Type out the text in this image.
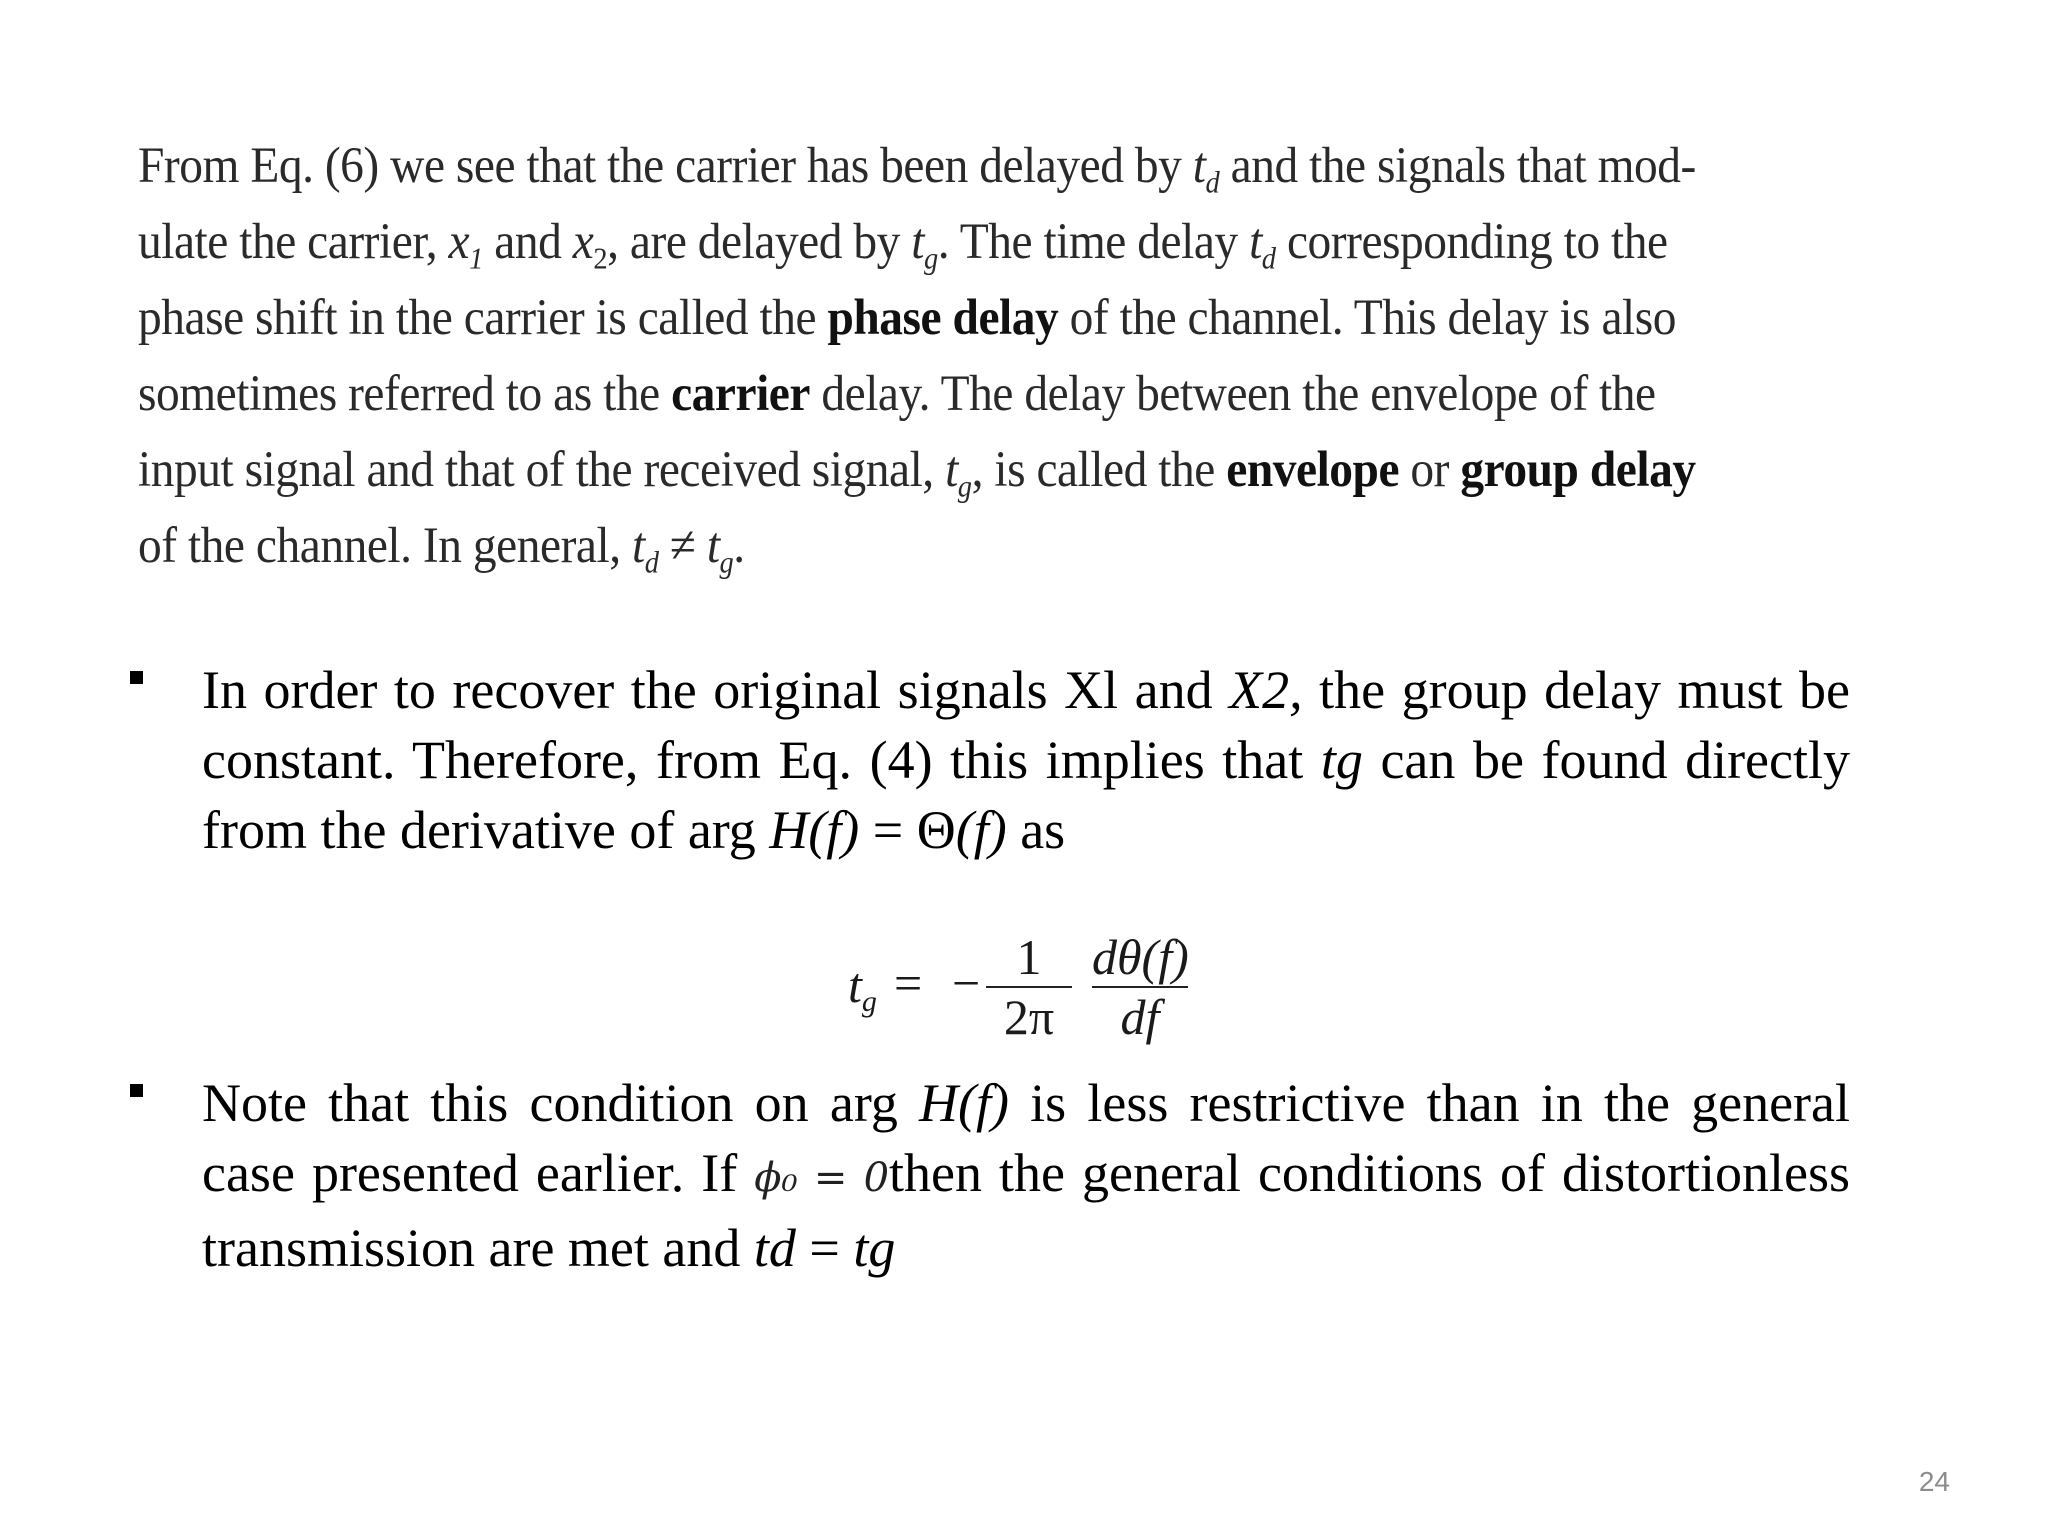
From Eq. (6) we see that the carrier has been delayed by $t_d$ and the signals that mod-
ulate the carrier, $x_1$ and $x_2$, are delayed by $t_g$. The time delay $t_d$ corresponding to the
phase shift in the carrier is called the phase delay of the channel. This delay is also
sometimes referred to as the carrier delay. The delay between the envelope of the
input signal and that of the received signal, $t_g$, is called the envelope or group delay
of the channel. In general, $t_d \ne t_g$.
In order to recover the original signals Xl and X2, the group delay must be constant. Therefore, from Eq. (4) this implies that tg can be found directly from the derivative of arg H(f) = Θ(f) as
$t_g$ = − 1
2π
dθ(f)
df
Note that this condition on arg H(f) is less restrictive than in the general case presented earlier. If ϕ₀ = 0then the general conditions of distortionless transmission are met and td = tg
24
